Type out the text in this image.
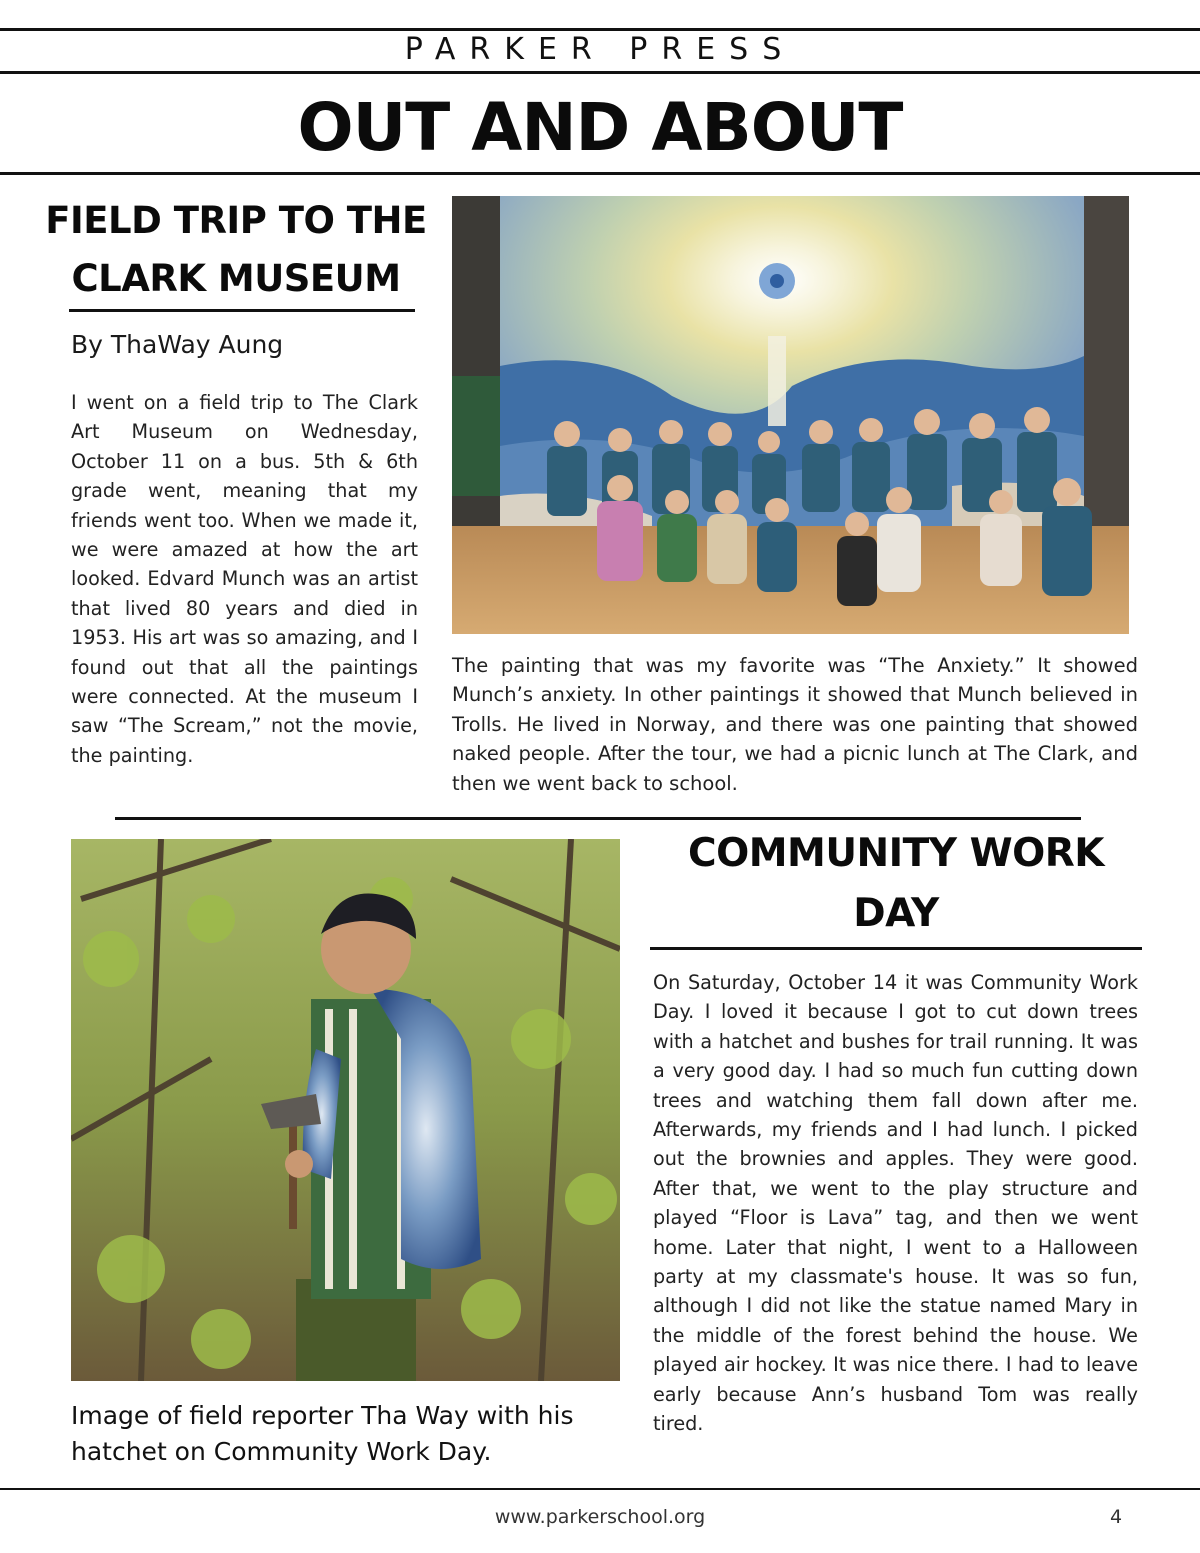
PARKER PRESS
OUT AND ABOUT
FIELD TRIP TO THE CLARK MUSEUM
By ThaWay Aung
I went on a field trip to The Clark Art Museum on Wednesday, October 11 on a bus. 5th & 6th grade went, meaning that my friends went too. When we made it, we were amazed at how the art looked. Edvard Munch was an artist that lived 80 years and died in 1953. His art was so amazing, and I found out that all the paintings were connected. At the museum I saw “The Scream,” not the movie, the painting.
The painting that was my favorite was “The Anxiety.” It showed Munch’s anxiety. In other paintings it showed that Munch believed in Trolls. He lived in Norway, and there was one painting that showed naked people. After the tour, we had a picnic lunch at The Clark, and then we went back to school.
COMMUNITY WORK DAY
On Saturday, October 14 it was Community Work Day. I loved it because I got to cut down trees with a hatchet and bushes for trail running. It was a very good day. I had so much fun cutting down trees and watching them fall down after me. Afterwards, my friends and I had lunch. I picked out the brownies and apples. They were good. After that, we went to the play structure and played “Floor is Lava” tag, and then we went home. Later that night, I went to a Halloween party at my classmate's house. It was so fun, although I did not like the statue named Mary in the middle of the forest behind the house. We played air hockey. It was nice there. I had to leave early because Ann’s husband Tom was really tired.
Image of field reporter Tha Way with his hatchet on Community Work Day.
www.parkerschool.org	4
